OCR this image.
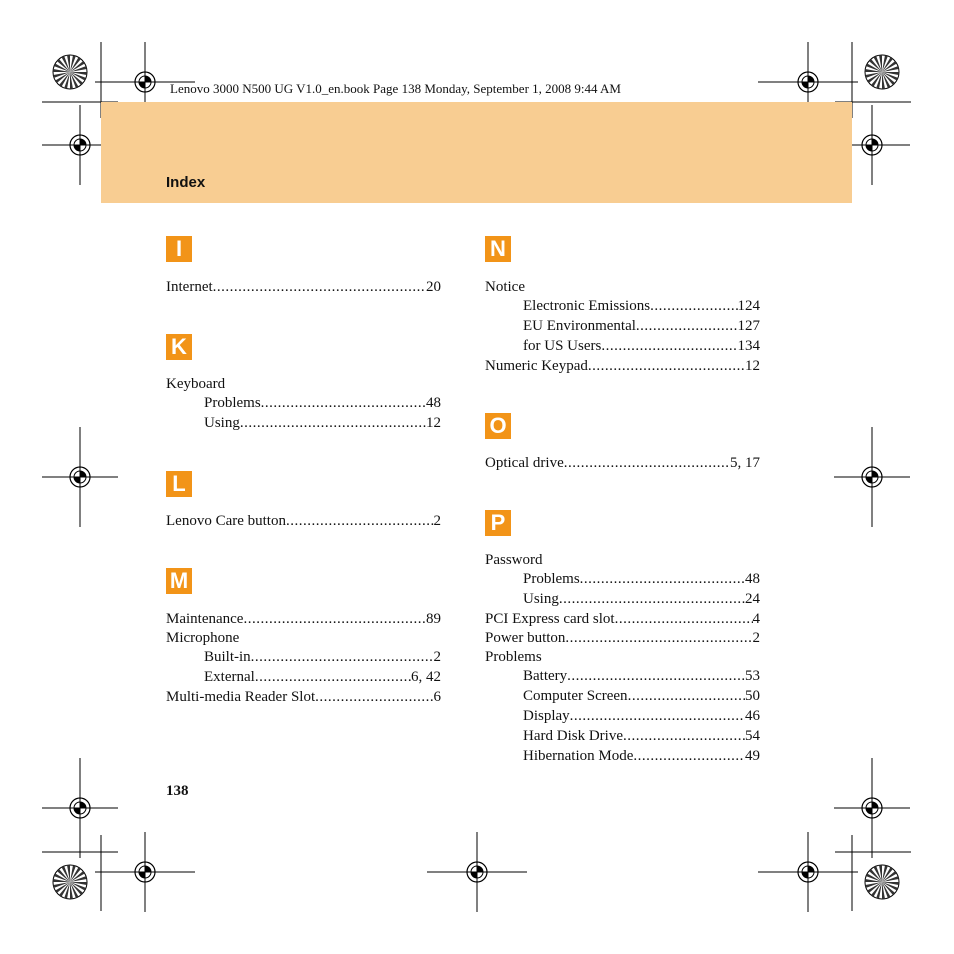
Lenovo 3000 N500 UG V1.0_en.book Page 138 Monday, September 1, 2008 9:44 AM
Index
I
Internet .....	20
K
Keyboard
Problems .....	48
Using .....	12
L
Lenovo Care button .....	2
M
Maintenance .....	89
Microphone
Built-in .....	2
External .....	6, 42
Multi-media Reader Slot .....	6
N
Notice
Electronic Emissions .....	124
EU Environmental .....	127
for US Users .....	134
Numeric Keypad .....	12
O
Optical drive .....	5, 17
P
Password
Problems .....	48
Using .....	24
PCI Express card slot .....	4
Power button .....	2
Problems
Battery .....	53
Computer Screen .....	50
Display .....	46
Hard Disk Drive .....	54
Hibernation Mode .....	49
138
